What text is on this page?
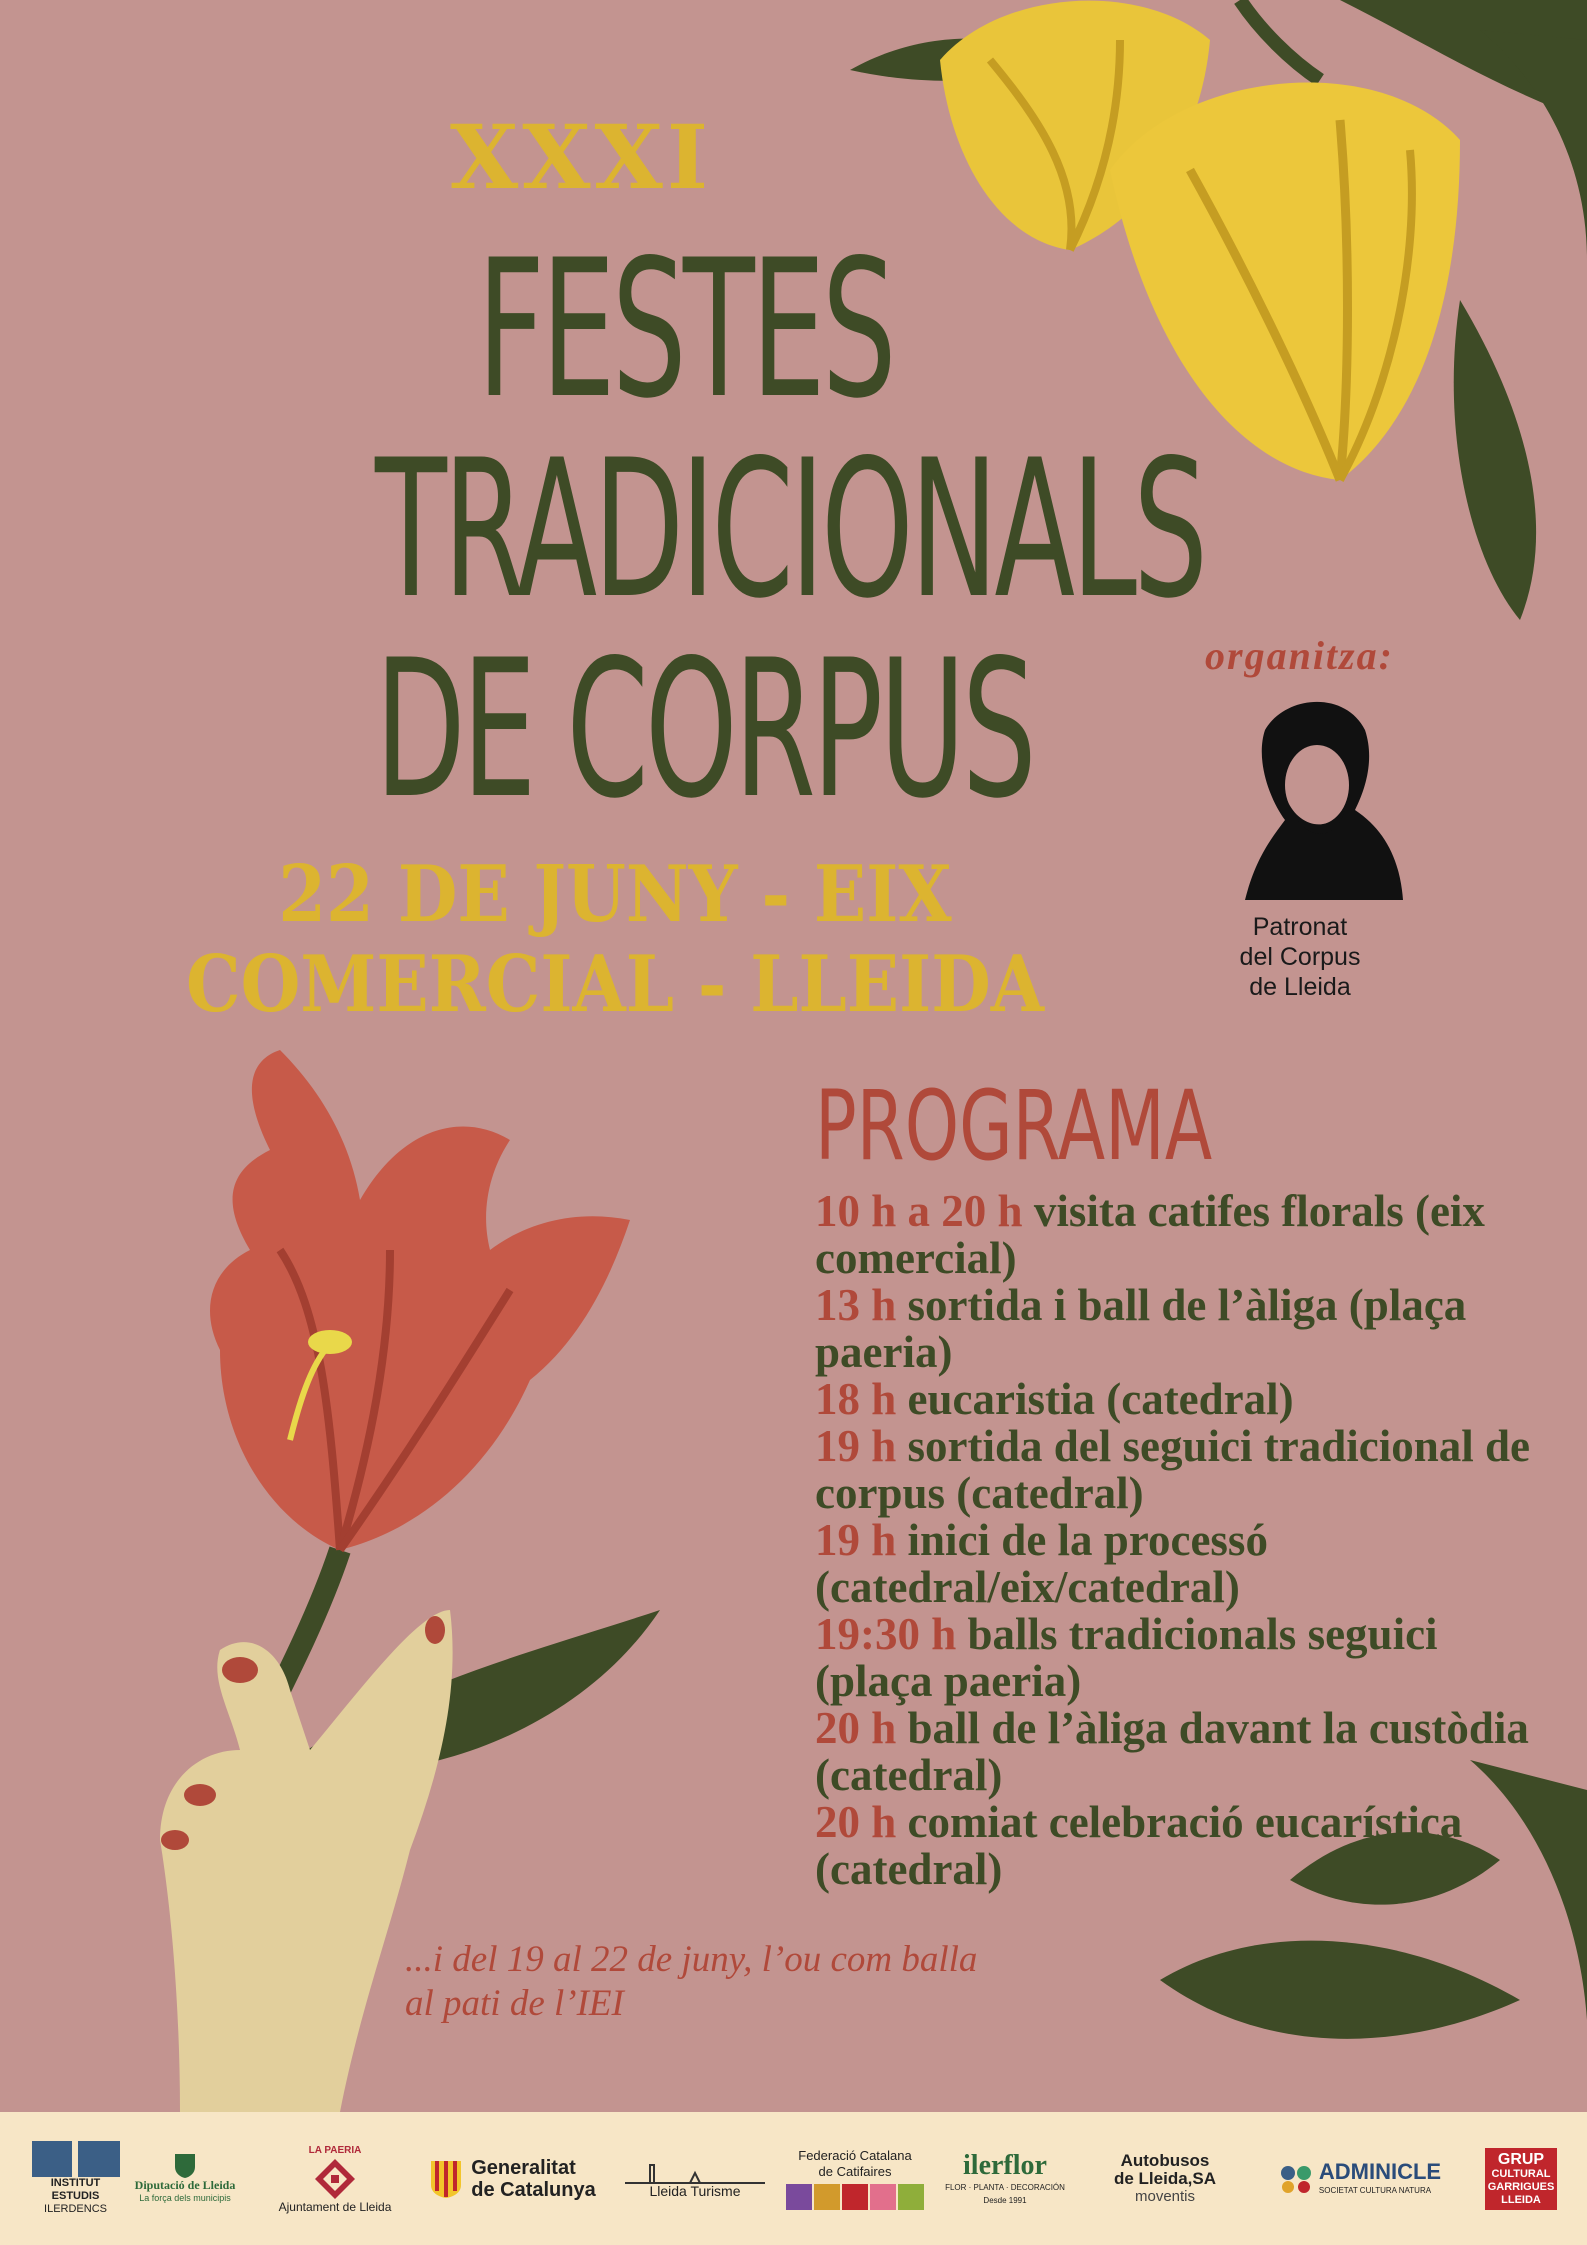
XXXI
FESTES
TRADICIONALS
DE CORPUS
22 DE JUNY - EIX
COMERCIAL - LLEIDA
organitza:
Patronat
del Corpus
de Lleida
PROGRAMA

10 h a 20 h visita catifes florals (eix comercial)

13 h sortida i ball de l’àliga (plaça paeria)

18 h eucaristia (catedral)

19 h sortida del seguici tradicional de corpus (catedral)

19 h inici de la processó (catedral/eix/catedral)

19:30 h balls tradicionals seguici (plaça paeria)

20 h ball de l’àliga davant la custòdia (catedral)

20 h comiat celebració eucarística (catedral)

...i del 19 al 22 de juny, l’ou com balla
al pati de l’IEI
INSTITUT
ESTUDIS
ILERDENCS
Diputació de Lleida
La força dels municipis
LA PAERIA
Ajuntament de Lleida
Generalitat
de Catalunya	Lleida Turisme
Federació Catalana
de Catifaires	ilerflor
FLOR · PLANTA · DECORACIÓN
Desde 1991
Autobusos
de Lleida,SA
moventis
ADMINICLE
SOCIETAT CULTURA NATURA
GRUP
CULTURAL
GARRIGUES
LLEIDA
